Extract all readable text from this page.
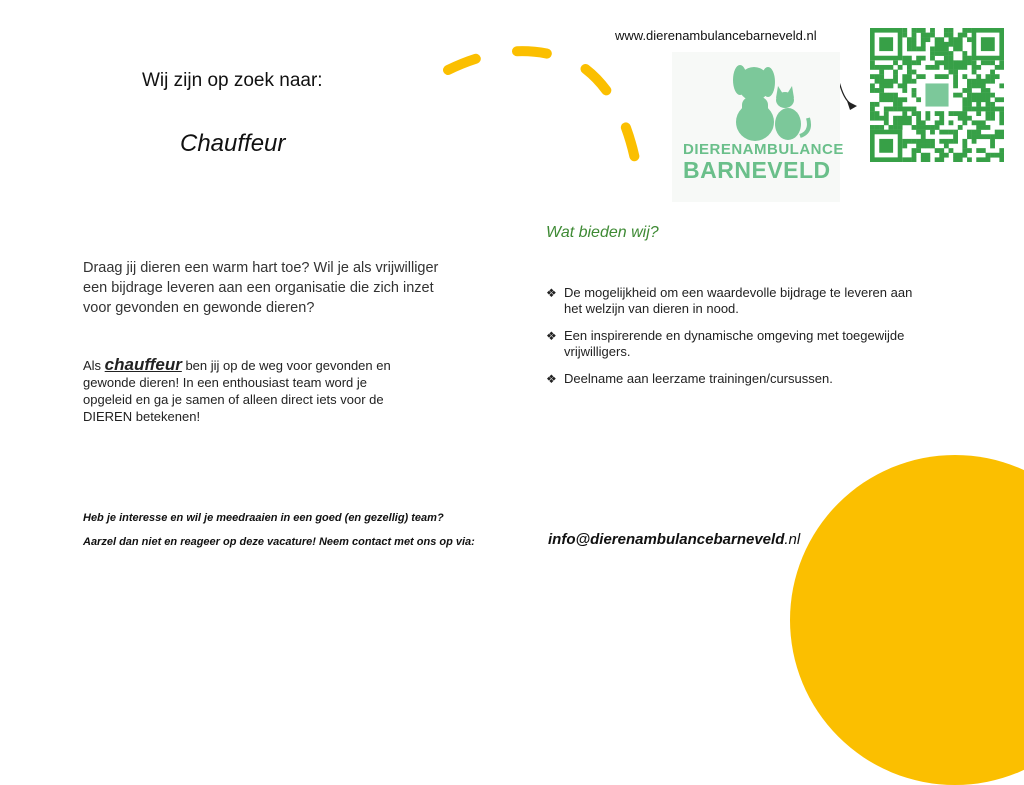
Wij zijn op zoek naar:
Chauffeur
Draag jij dieren een warm hart toe? Wil je als vrijwilliger een bijdrage leveren aan een organisatie die zich inzet voor gevonden en gewonde dieren?
Als chauffeur ben jij op de weg voor gevonden en gewonde dieren! In een enthousiast team word je opgeleid en ga je samen of alleen direct iets voor de DIEREN betekenen!
Wat bieden wij?
❖ De mogelijkheid om een waardevolle bijdrage te leveren aan het welzijn van dieren in nood.
❖ Een inspirerende en dynamische omgeving met toegewijde vrijwilligers.
❖ Deelname aan leerzame trainingen/cursussen.
Heb je interesse en wil je meedraaien in een goed (en gezellig) team?
Aarzel dan niet en reageer op deze vacature! Neem contact met ons op via:	info@dierenambulancebarneveld.nl
www.dierenambulancebarneveld.nl
DIERENAMBULANCE
BARNEVELD
